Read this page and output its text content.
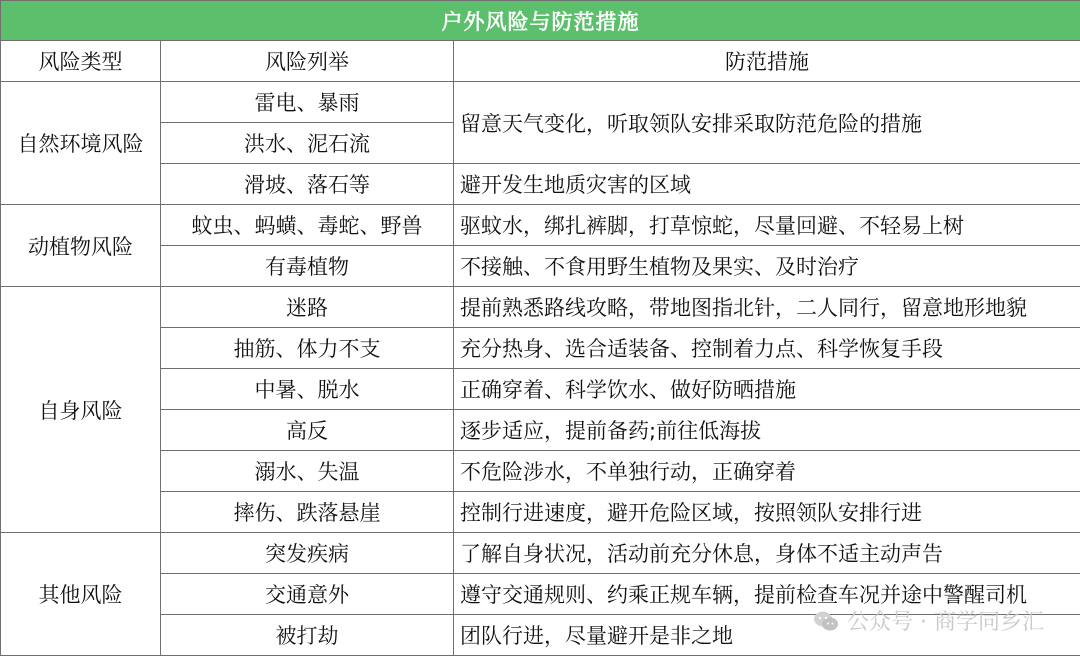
户外风险与防范措施		
风险类型	风险列举	防范措施
自然环境风险	雷电、暴雨	留意天气变化，听取领队安排采取防范危险的措施
	洪水、泥石流	
	滑坡、落石等	避开发生地质灾害的区域
动植物风险	蚊虫、蚂蟥、毒蛇、野兽	驱蚊水，绑扎裤脚，打草惊蛇，尽量回避、不轻易上树
	有毒植物	不接触、不食用野生植物及果实、及时治疗
自身风险	迷路	提前熟悉路线攻略，带地图指北针，二人同行，留意地形地貌
	抽筋、体力不支	充分热身、选合适装备、控制着力点、科学恢复手段
	中暑、脱水	正确穿着、科学饮水、做好防晒措施
	高反	逐步适应，提前备药;前往低海拔
	溺水、失温	不危险涉水，不单独行动，正确穿着
	摔伤、跌落悬崖	控制行进速度，避开危险区域，按照领队安排行进
其他风险	突发疾病	了解自身状况，活动前充分休息，身体不适主动声告
	交通意外	遵守交通规则、约乘正规车辆，提前检查车况并途中警醒司机
	被打劫	团队行进，尽量避开是非之地
公众号 · 商学同乡汇
